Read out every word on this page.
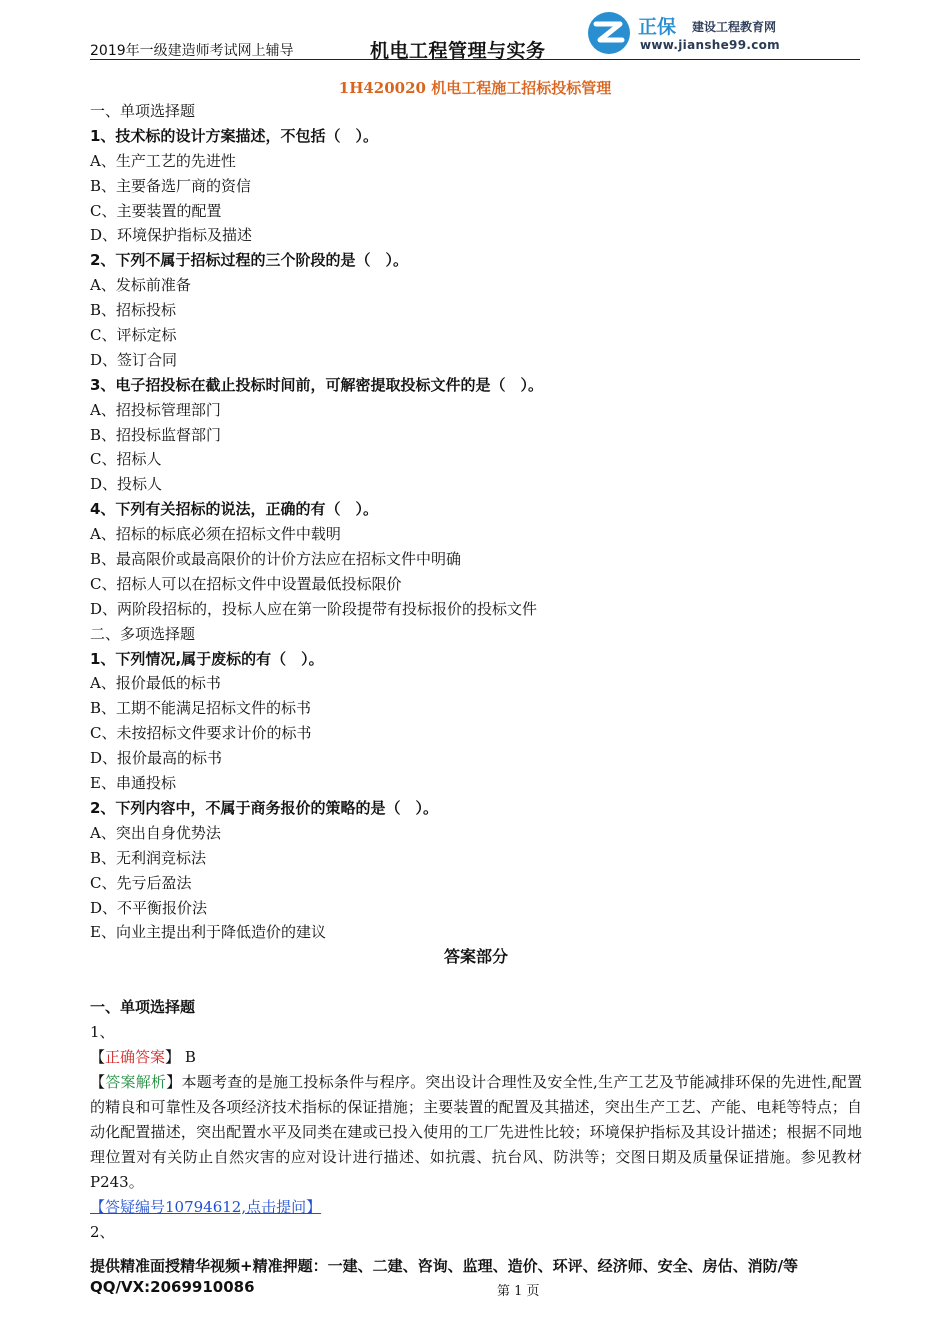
2019年一级建造师考试网上辅导	机电工程管理与实务
正保 建设工程教育网
www.jianshe99.com
1H420020 机电工程施工招标投标管理
一、单项选择题
1、技术标的设计方案描述，不包括（　）。
A、生产工艺的先进性
B、主要备选厂商的资信
C、主要装置的配置
D、环境保护指标及描述
2、下列不属于招标过程的三个阶段的是（　）。
A、发标前准备
B、招标投标
C、评标定标
D、签订合同
3、电子招投标在截止投标时间前，可解密提取投标文件的是（　）。
A、招投标管理部门
B、招投标监督部门
C、招标人
D、投标人
4、下列有关招标的说法，正确的有（　）。
A、招标的标底必须在招标文件中载明
B、最高限价或最高限价的计价方法应在招标文件中明确
C、招标人可以在招标文件中设置最低投标限价
D、两阶段招标的，投标人应在第一阶段提带有投标报价的投标文件
二、多项选择题
1、下列情况,属于废标的有（　）。
A、报价最低的标书
B、工期不能满足招标文件的标书
C、未按招标文件要求计价的标书
D、报价最高的标书
E、串通投标
2、下列内容中，不属于商务报价的策略的是（　）。
A、突出自身优势法
B、无利润竞标法
C、先亏后盈法
D、不平衡报价法
E、向业主提出利于降低造价的建议
答案部分
一、单项选择题
1、
【正确答案】 B
【答案解析】本题考查的是施工投标条件与程序。突出设计合理性及安全性,生产工艺及节能减排环保的先进性,配置的精良和可靠性及各项经济技术指标的保证措施；主要装置的配置及其描述，突出生产工艺、产能、电耗等特点；自动化配置描述，突出配置水平及同类在建或已投入使用的工厂先进性比较；环境保护指标及其设计描述；根据不同地理位置对有关防止自然灾害的应对设计进行描述、如抗震、抗台风、防洪等；交图日期及质量保证措施。参见教材P243。
【答疑编号10794612,点击提问】
2、
提供精准面授精华视频+精准押题：一建、二建、咨询、监理、造价、环评、经济师、安全、房估、消防/等
QQ/VX:2069910086	第 1 页
